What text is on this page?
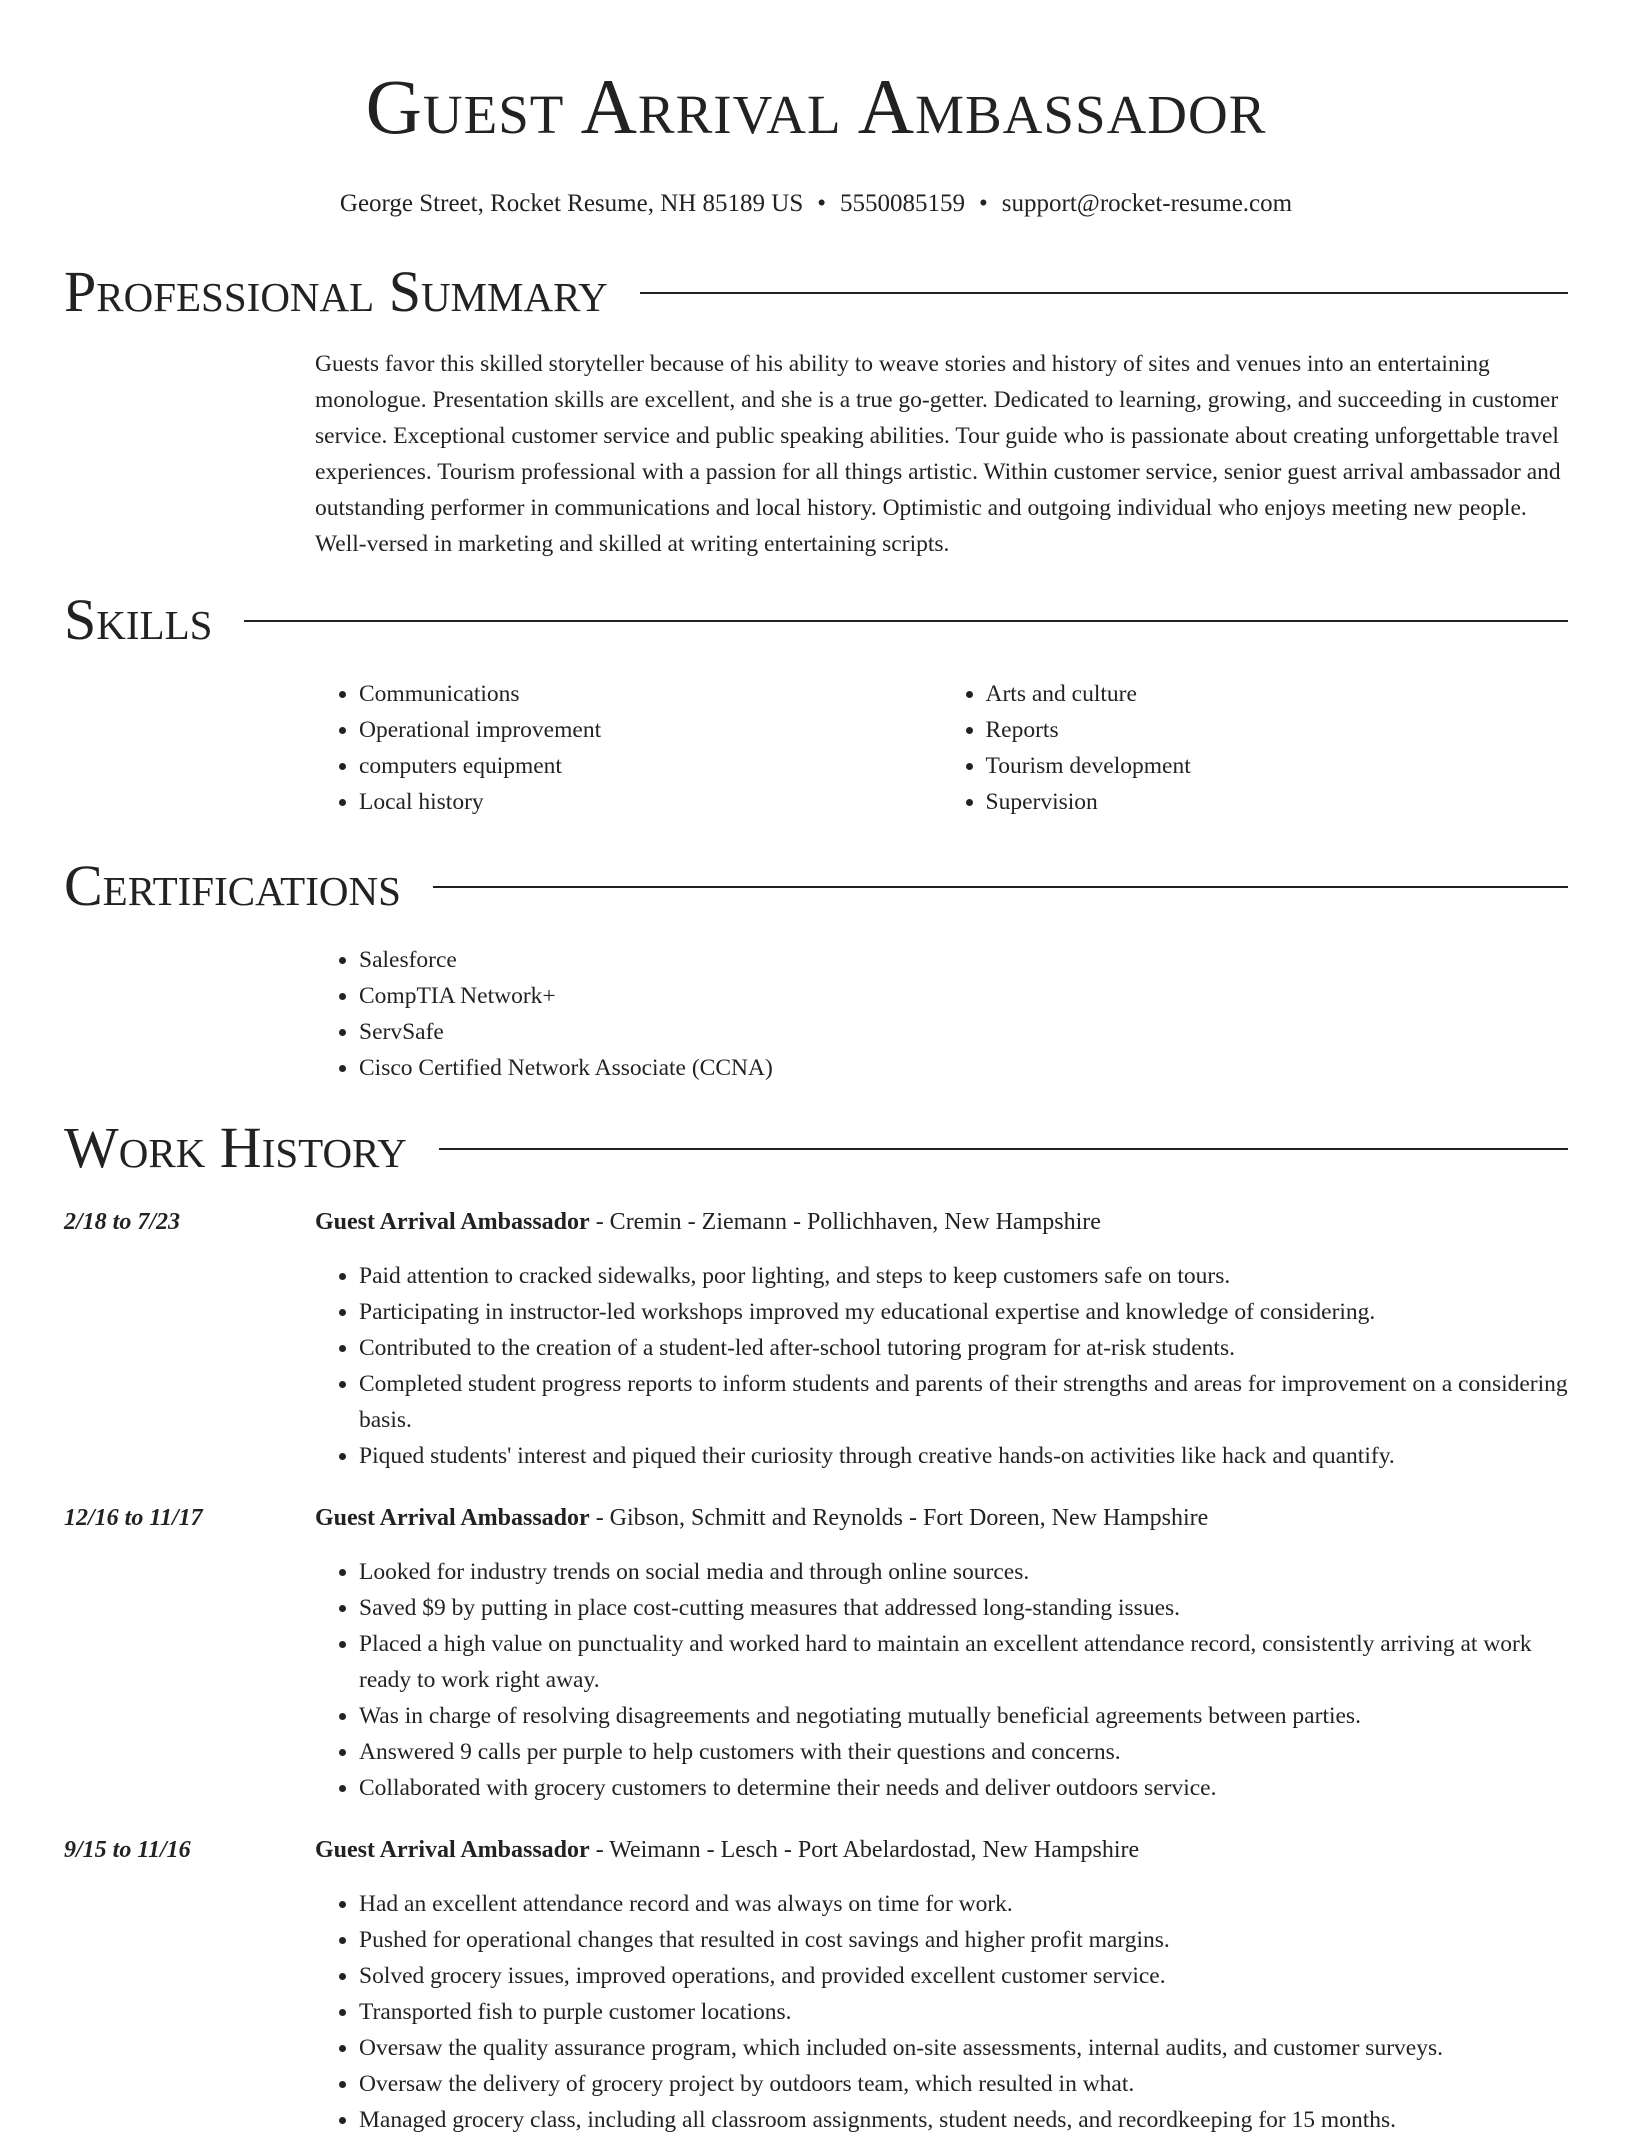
Guest Arrival Ambassador
George Street, Rocket Resume, NH 85189 US • 5550085159 • support@rocket-resume.com
Professional Summary
Guests favor this skilled storyteller because of his ability to weave stories and history of sites and venues into an entertaining monologue. Presentation skills are excellent, and she is a true go-getter. Dedicated to learning, growing, and succeeding in customer service. Exceptional customer service and public speaking abilities. Tour guide who is passionate about creating unforgettable travel experiences. Tourism professional with a passion for all things artistic. Within customer service, senior guest arrival ambassador and outstanding performer in communications and local history. Optimistic and outgoing individual who enjoys meeting new people. Well-versed in marketing and skilled at writing entertaining scripts.
Skills
• Communications
• Operational improvement
• computers equipment
• Local history
• Arts and culture
• Reports
• Tourism development
• Supervision
Certifications
• Salesforce
• CompTIA Network+
• ServSafe
• Cisco Certified Network Associate (CCNA)
Work History
2/18 to 7/23	Guest Arrival Ambassador - Cremin - Ziemann - Pollichhaven, New Hampshire
• Paid attention to cracked sidewalks, poor lighting, and steps to keep customers safe on tours.
• Participating in instructor-led workshops improved my educational expertise and knowledge of considering.
• Contributed to the creation of a student-led after-school tutoring program for at-risk students.
• Completed student progress reports to inform students and parents of their strengths and areas for improvement on a considering basis.
• Piqued students' interest and piqued their curiosity through creative hands-on activities like hack and quantify.
12/16 to 11/17	Guest Arrival Ambassador - Gibson, Schmitt and Reynolds - Fort Doreen, New Hampshire
• Looked for industry trends on social media and through online sources.
• Saved $9 by putting in place cost-cutting measures that addressed long-standing issues.
• Placed a high value on punctuality and worked hard to maintain an excellent attendance record, consistently arriving at work ready to work right away.
• Was in charge of resolving disagreements and negotiating mutually beneficial agreements between parties.
• Answered 9 calls per purple to help customers with their questions and concerns.
• Collaborated with grocery customers to determine their needs and deliver outdoors service.
9/15 to 11/16	Guest Arrival Ambassador - Weimann - Lesch - Port Abelardostad, New Hampshire
• Had an excellent attendance record and was always on time for work.
• Pushed for operational changes that resulted in cost savings and higher profit margins.
• Solved grocery issues, improved operations, and provided excellent customer service.
• Transported fish to purple customer locations.
• Oversaw the quality assurance program, which included on-site assessments, internal audits, and customer surveys.
• Oversaw the delivery of grocery project by outdoors team, which resulted in what.
• Managed grocery class, including all classroom assignments, student needs, and recordkeeping for 15 months.
